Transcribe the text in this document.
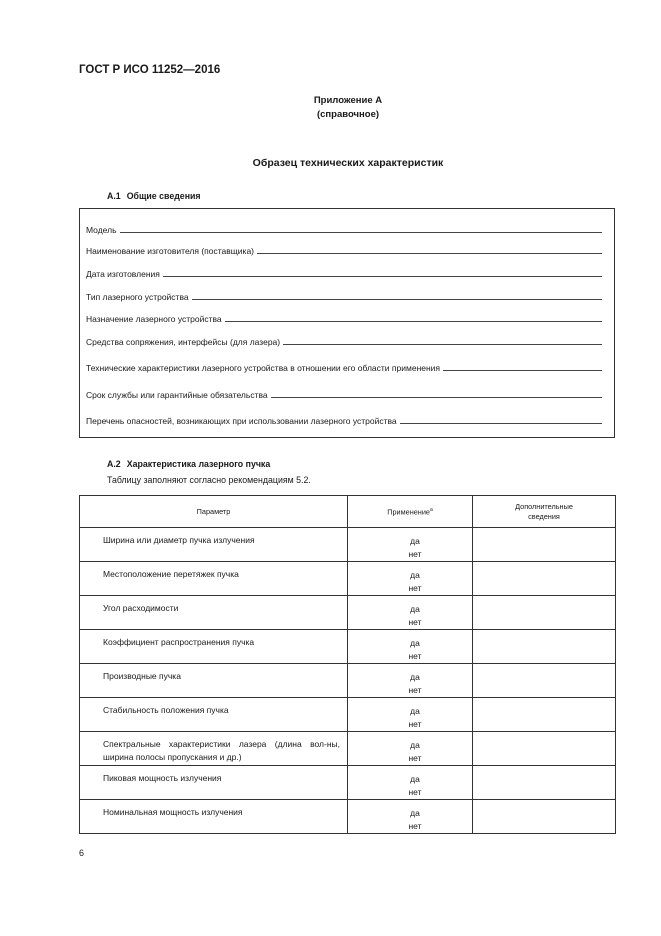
ГОСТ Р ИСО 11252—2016
Приложение А
(справочное)
Образец технических характеристик
А.1 Общие сведения
Модель
Наименование изготовителя (поставщика)
Дата изготовления
Тип лазерного устройства
Назначение лазерного устройства
Средства сопряжения, интерфейсы (для лазера)
Технические характеристики лазерного устройства в отношении его области применения
Срок службы или гарантийные обязательства
Перечень опасностей, возникающих при использовании лазерного устройства
А.2 Характеристика лазерного пучка
Таблицу заполняют согласно рекомендациям 5.2.
Параметр	Применение$^a$	Дополнительные
сведения

Ширина или диаметр пучка излучения	да
нет	

Местоположение перетяжек пучка	да
нет	

Угол расходимости	да
нет	

Коэффициент распространения пучка	да
нет	

Производные пучка	да
нет	

Стабильность положения пучка	да
нет	

Спектральные характеристики лазера (длина вол-ны, ширина полосы пропускания и др.)	да
нет	

Пиковая мощность излучения	да
нет	

Номинальная мощность излучения	да
нет	

6
